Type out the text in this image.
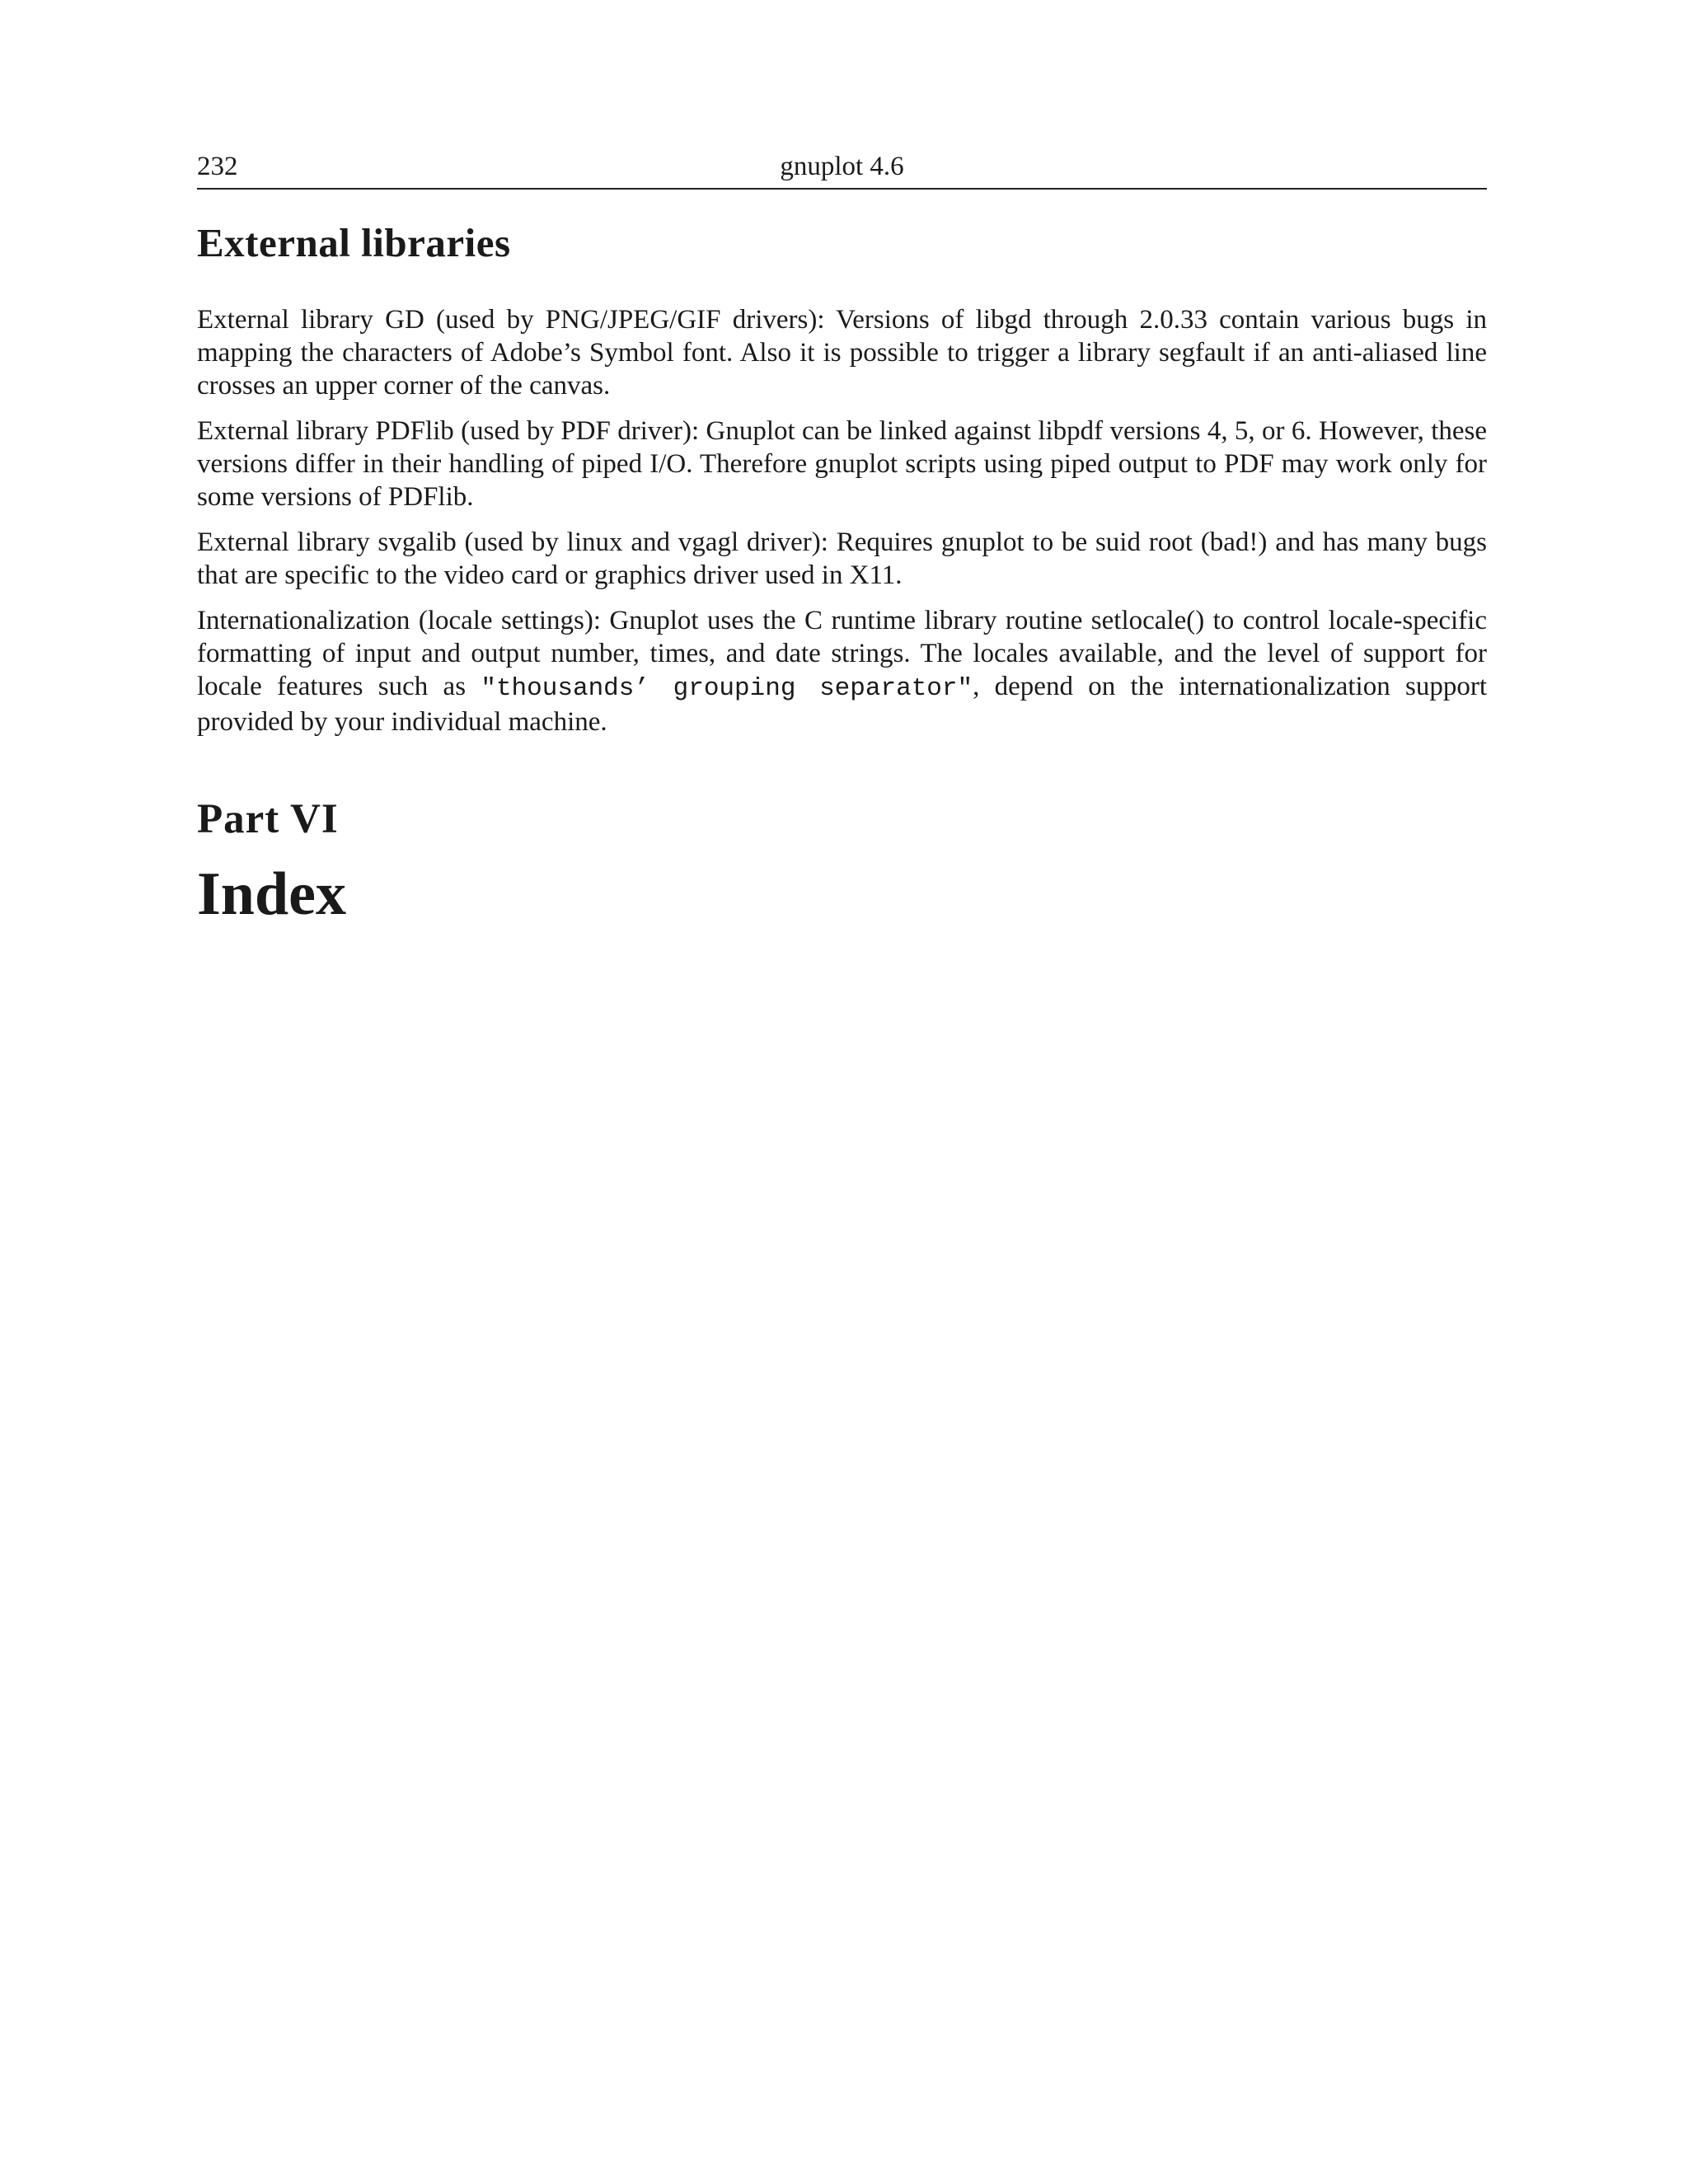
232	gnuplot 4.6
External libraries

External library GD (used by PNG/JPEG/GIF drivers): Versions of libgd through 2.0.33 contain various bugs in mapping the characters of Adobe’s Symbol font. Also it is possible to trigger a library segfault if an anti-aliased line crosses an upper corner of the canvas.

External library PDFlib (used by PDF driver): Gnuplot can be linked against libpdf versions 4, 5, or 6. However, these versions differ in their handling of piped I/O. Therefore gnuplot scripts using piped output to PDF may work only for some versions of PDFlib.

External library svgalib (used by linux and vgagl driver): Requires gnuplot to be suid root (bad!) and has many bugs that are specific to the video card or graphics driver used in X11.

Internationalization (locale settings): Gnuplot uses the C runtime library routine setlocale() to control locale-specific formatting of input and output number, times, and date strings. The locales available, and the level of support for locale features such as "thousands’ grouping separator", depend on the internationalization support provided by your individual machine.

Part VI
Index
